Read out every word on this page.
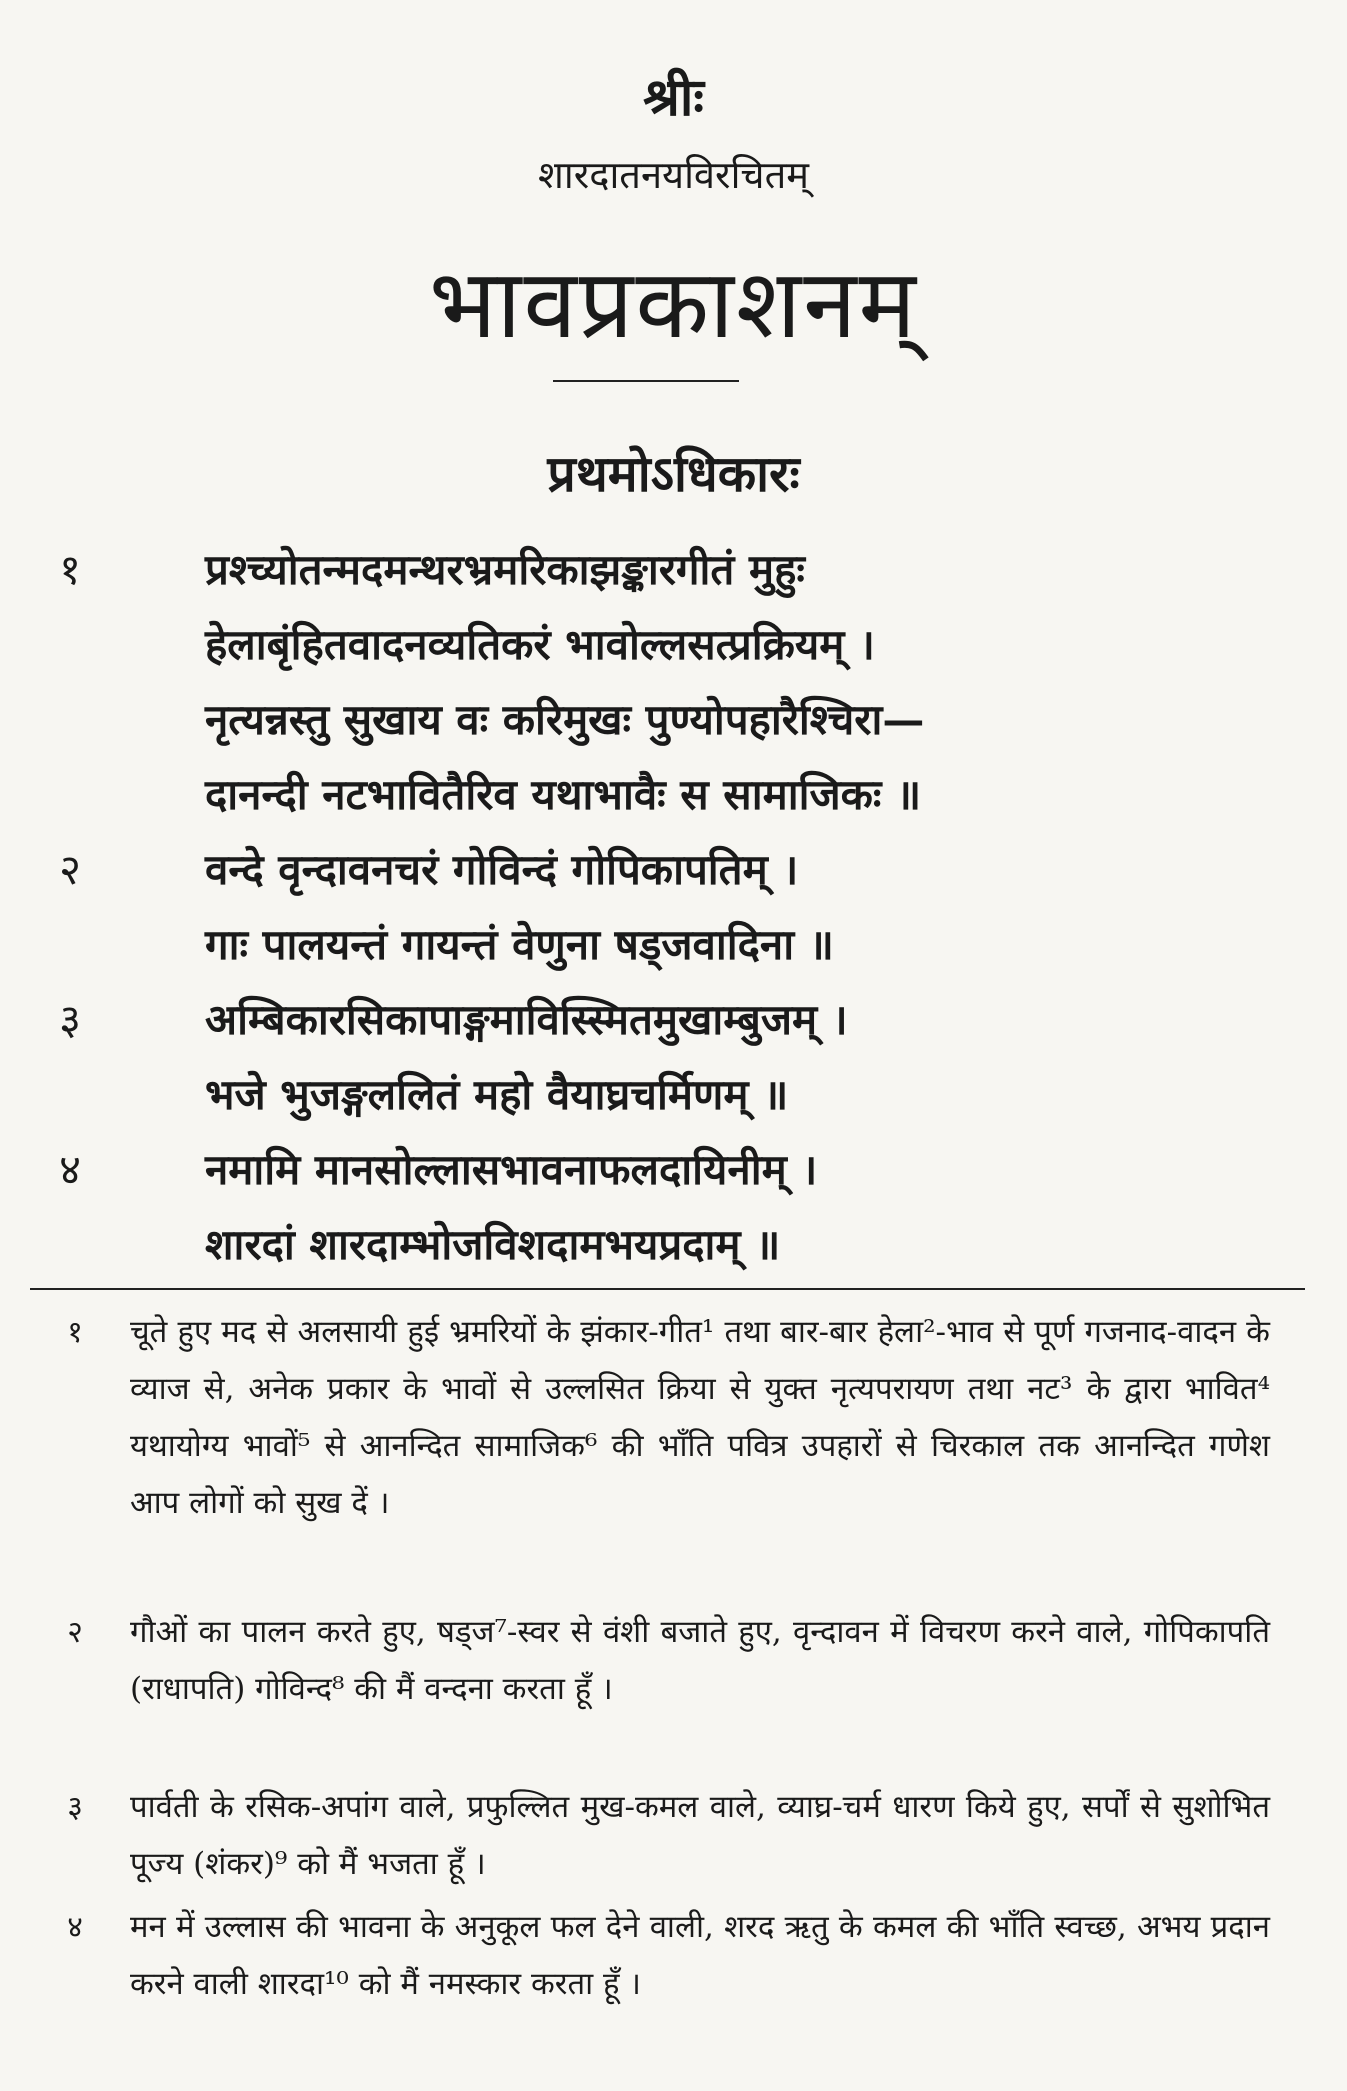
श्रीः
शारदातनयविरचितम्
भावप्रकाशनम्
प्रथमोऽधिकारः
१	प्रश्च्योतन्मदमन्थरभ्रमरिकाझङ्कारगीतं मुहुः
हेलाबृंहितवादनव्यतिकरं भावोल्लसत्प्रक्रियम् ।
नृत्यन्नस्तु सुखाय वः करिमुखः पुण्योपहारैश्चिरा—
दानन्दी नटभावितैरिव यथाभावैः स सामाजिकः ॥
२	वन्दे वृन्दावनचरं गोविन्दं गोपिकापतिम् ।
गाः पालयन्तं गायन्तं वेणुना षड्जवादिना ॥
३	अम्बिकारसिकापाङ्गमाविस्स्मितमुखाम्बुजम् ।
भजे भुजङ्गललितं महो वैयाघ्रचर्मिणम् ॥
४	नमामि मानसोल्लासभावनाफलदायिनीम् ।
शारदां शारदाम्भोजविशदामभयप्रदाम् ॥
१	चूते हुए मद से अलसायी हुई भ्रमरियों के झंकार-गीत¹ तथा बार-बार हेला²-भाव से पूर्ण गजनाद-वादन के व्याज से, अनेक प्रकार के भावों से उल्लसित क्रिया से युक्त नृत्यपरायण तथा नट³ के द्वारा भावित⁴ यथायोग्य भावों⁵ से आनन्दित सामाजिक⁶ की भाँति पवित्र उपहारों से चिरकाल तक आनन्दित गणेश आप लोगों को सुख दें ।
२	गौओं का पालन करते हुए, षड्ज⁷-स्वर से वंशी बजाते हुए, वृन्दावन में विचरण करने वाले, गोपिकापति (राधापति) गोविन्द⁸ की मैं वन्दना करता हूँ ।
३	पार्वती के रसिक-अपांग वाले, प्रफुल्लित मुख-कमल वाले, व्याघ्र-चर्म धारण किये हुए, सर्पों से सुशोभित पूज्य (शंकर)⁹ को मैं भजता हूँ ।
४	मन में उल्लास की भावना के अनुकूल फल देने वाली, शरद ऋतु के कमल की भाँति स्वच्छ, अभय प्रदान करने वाली शारदा¹⁰ को मैं नमस्कार करता हूँ ।
